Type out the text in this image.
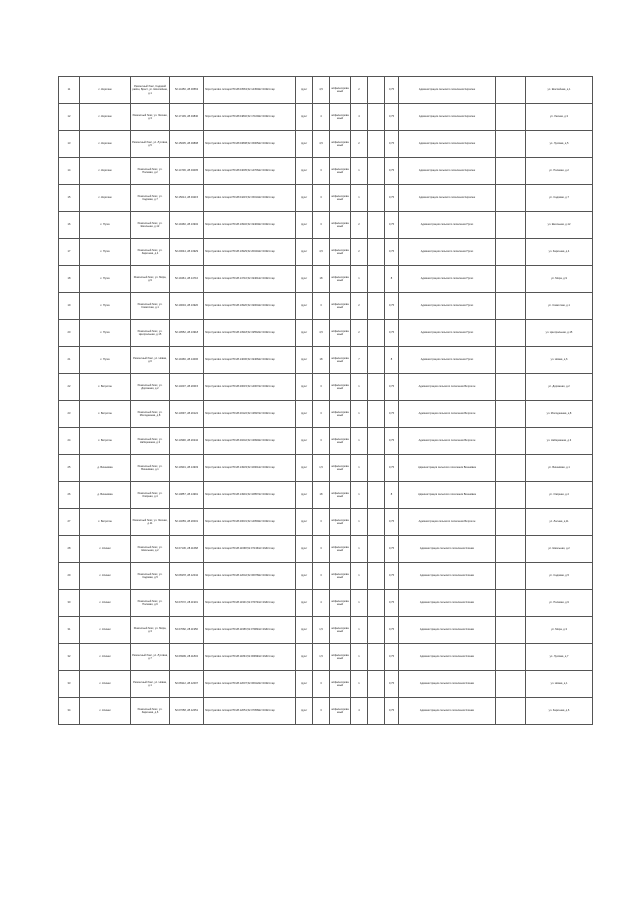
11	с. Кирилюк	Ремонтный бокс, Садовий район, Брест, ул. Шоссейная, д.1	52.14450, 28.03563	https://yandex.ru/maps/?ll=28.03563,52.14450&z=16&l=map	грунт	4,5	асфальтированный	2		0,75	Администрация сельского поселения Кирилюк		ул. Шоссейная, д.1
12	с. Кирилюк	Ремонтный бокс, ул. Лесная, д.3	52.17109, 28.04840	https://yandex.ru/maps/?ll=28.04840,52.17109&z=16&l=map	грунт	4	асфальтированный	4		0,75	Администрация сельского поселения Кирилюк		ул. Лесная, д.3
13	с. Кирилюк	Ремонтный бокс, ул. Луговая, д.5	52.15005, 28.03808	https://yandex.ru/maps/?ll=28.03808,52.15005&z=16&l=map	грунт	4,5	асфальтированный	2		0,75	Администрация сельского поселения Кирилюк		ул. Луговая, д.5
14	с. Кирилюк	Ремонтный бокс, ул. Полевая, д.2	52.14706, 28.04005	https://yandex.ru/maps/?ll=28.04005,52.14706&z=16&l=map	грунт	3	асфальтированный	1		0,75	Администрация сельского поселения Кирилюк		ул. Полевая, д.2
15	с. Кирилюк	Ремонтный бокс, ул. Садовая, д.7	52.15014, 28.04215	https://yandex.ru/maps/?ll=28.04215,52.15014&z=16&l=map	грунт	3	асфальтированный	1		0,75	Администрация сельского поселения Кирилюк		ул. Садовая, д.7
16	с. Пугач	Ремонтный бокс, ул. Школьная, д.12	52.19460, 28.13932	https://yandex.ru/maps/?ll=28.13932,52.19460&z=16&l=map	грунт	3	асфальтированный	2		0,75	Администрация сельского поселения Пугач		ул. Школьная, д.12
17	с. Пугач	Ремонтный бокс, ул. Заречная, д.4	52.20044, 28.13929	https://yandex.ru/maps/?ll=28.13929,52.20044&z=16&l=map	грунт	4,5	асфальтированный	2		0,75	Администрация сельского поселения Пугач		ул. Заречная, д.4
18	с. Пугач	Ремонтный бокс, ул. Мира, д.9	52.19461, 28.14710	https://yandex.ru/maps/?ll=28.14710,52.19461&z=16&l=map	грунт	18	асфальтированный	1		8	Администрация сельского поселения Пугач		ул. Мира, д.9
19	с. Пугач	Ремонтный бокс, ул. Советская, д.1	52.19004, 28.13920	https://yandex.ru/maps/?ll=28.13920,52.19004&z=16&l=map	грунт	3	асфальтированный	2		0,75	Администрация сельского поселения Пугач		ул. Советская, д.1
20	с. Пугач	Ремонтный бокс, ул. Центральная, д.15	52.19552, 28.13918	https://yandex.ru/maps/?ll=28.13918,52.19552&z=16&l=map	грунт	4,5	асфальтированный	2		0,75	Администрация сельского поселения Пугач		ул. Центральная, д.15
21	с. Пугач	Ремонтный бокс, ул. Новая, д.6	52.19466, 28.14006	https://yandex.ru/maps/?ll=28.14006,52.19466&z=16&l=map	грунт	18	асфальтированный	7		8	Администрация сельского поселения Пугач		ул. Новая, д.6
22	с. Ветрогон	Ремонтный бокс, ул. Дорожная, д.2	52.14007, 28.20015	https://yandex.ru/maps/?ll=28.20015,52.14007&z=16&l=map	грунт	3	асфальтированный	1		0,75	Администрация сельского поселения Ветрогон		ул. Дорожная, д.2
23	с. Ветрогон	Ремонтный бокс, ул. Молодежная, д.8	52.13697, 28.20122	https://yandex.ru/maps/?ll=28.20122,52.13697&z=16&l=map	грунт	3	асфальтированный	1		0,75	Администрация сельского поселения Ветрогон		ул. Молодежная, д.8
24	с. Ветрогон	Ремонтный бокс, ул. Набережная, д.3	52.13990, 28.20242	https://yandex.ru/maps/?ll=28.20242,52.13990&z=16&l=map	грунт	3	асфальтированный	1		0,75	Администрация сельского поселения Ветрогон		ул. Набережная, д.3
25	д. Вишнёвка	Ремонтный бокс, ул. Вишнёвая, д.1	52.10901, 28.14933	https://yandex.ru/maps/?ll=28.14933,52.10901&z=16&l=map	грунт	1,5	асфальтированный	1		0,75	Администрация сельского поселения Вишнёвка		ул. Вишнёвая, д.1
26	д. Вишнёвка	Ремонтный бокс, ул. Озёрная, д.4	52.10857, 28.14991	https://yandex.ru/maps/?ll=28.14991,52.10857&z=16&l=map	грунт	18	асфальтированный	1		8	Администрация сельского поселения Вишнёвка		ул. Озёрная, д.4
27	с. Ветрогон	Ремонтный бокс, ул. Лесная, д.11	52.14059, 28.20031	https://yandex.ru/maps/?ll=28.20031,52.14059&z=16&l=map	грунт	3	асфальтированный	1		0,75	Администрация сельского поселения Ветрогон		ул. Лесная, д.11
28	с. Клинки	Ремонтный бокс, ул. Школьная, д.2	52.07136, 28.11668	https://yandex.ru/maps/?ll=28.11668,52.07136&z=16&l=map	грунт	3	асфальтированный	1		0,75	Администрация сельского поселения Клинки		ул. Школьная, д.2
29	с. Клинки	Ремонтный бокс, ул. Садовая, д.5	52.06978, 28.12042	https://yandex.ru/maps/?ll=28.12042,52.06978&z=16&l=map	грунт	3	асфальтированный	1		0,75	Администрация сельского поселения Клинки		ул. Садовая, д.5
30	с. Клинки	Ремонтный бокс, ул. Полевая, д.9	52.07072, 28.11901	https://yandex.ru/maps/?ll=28.11901,52.07072&z=16&l=map	грунт	4	асфальтированный	1		0,75	Администрация сельского поселения Клинки		ул. Полевая, д.9
31	с. Клинки	Ремонтный бокс, ул. Мира, д.3	52.07082, 28.11956	https://yandex.ru/maps/?ll=28.11956,52.07082&z=16&l=map	грунт	1,5	асфальтированный	1		0,75	Администрация сельского поселения Клинки		ул. Мира, д.3
32	с. Клинки	Ремонтный бокс, ул. Луговая, д.7	52.06999, 28.11834	https://yandex.ru/maps/?ll=28.11834,52.06999&z=16&l=map	грунт	1,5	асфальтированный	1		0,75	Администрация сельского поселения Клинки		ул. Луговая, д.7
33	с. Клинки	Ремонтный бокс, ул. Новая, д.1	52.06912, 28.12007	https://yandex.ru/maps/?ll=28.12007,52.06912&z=16&l=map	грунт	3	асфальтированный	1		0,75	Администрация сельского поселения Клинки		ул. Новая, д.1
34	с. Клинки	Ремонтный бокс, ул. Заречная, д.6	52.07058, 28.12051	https://yandex.ru/maps/?ll=28.12051,52.07058&z=16&l=map	грунт	3	асфальтированный	4		0,75	Администрация сельского поселения Клинки		ул. Заречная, д.6
